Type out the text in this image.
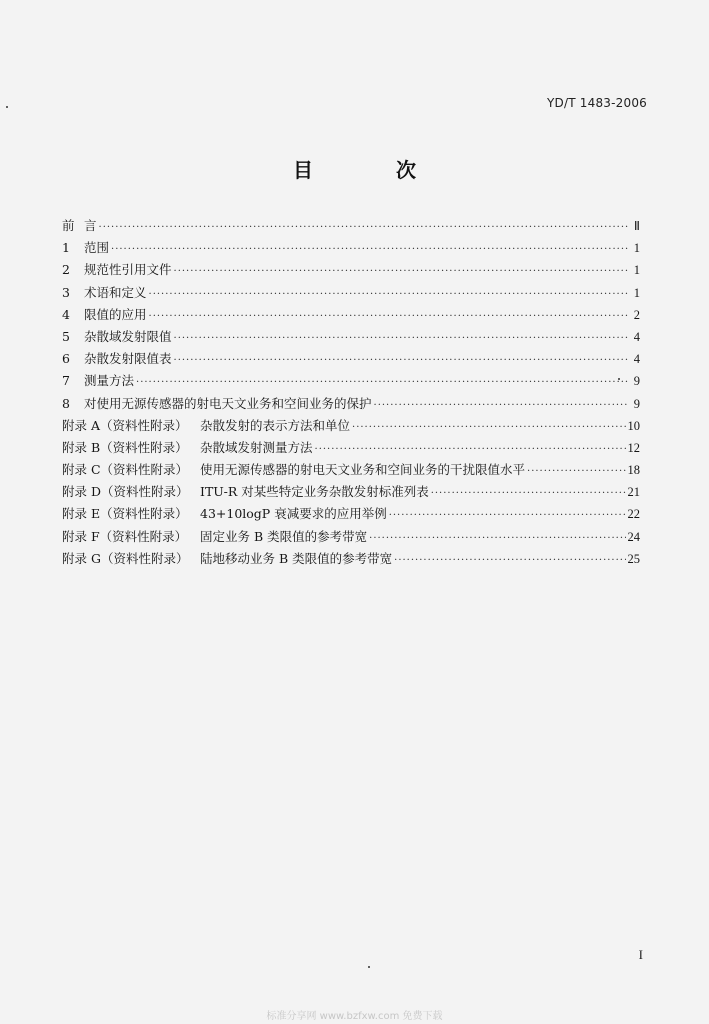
YD/T 1483-2006
目 次
前 言 ·····	Ⅱ
1 范围 ·····	1
2 规范性引用文件 ·····	1
3 术语和定义 ·····	1
4 限值的应用 ·····	2
5 杂散域发射限值 ·····	4
6 杂散发射限值表 ·····	4
7 测量方法 ·····	9
8 对使用无源传感器的射电天文业务和空间业务的保护 ·····	9
附录 A（资料性附录） 杂散发射的表示方法和单位 ·····	10
附录 B（资料性附录） 杂散域发射测量方法 ·····	12
附录 C（资料性附录） 使用无源传感器的射电天文业务和空间业务的干扰限值水平 ·····	18
附录 D（资料性附录） ITU-R 对某些特定业务杂散发射标准列表 ·····	21
附录 E（资料性附录） 43+10logP 衰减要求的应用举例 ·····	22
附录 F（资料性附录） 固定业务 B 类限值的参考带宽 ·····	24
附录 G（资料性附录） 陆地移动业务 B 类限值的参考带宽 ·····	25
I
标准分享网 www.bzfxw.com 免费下载
